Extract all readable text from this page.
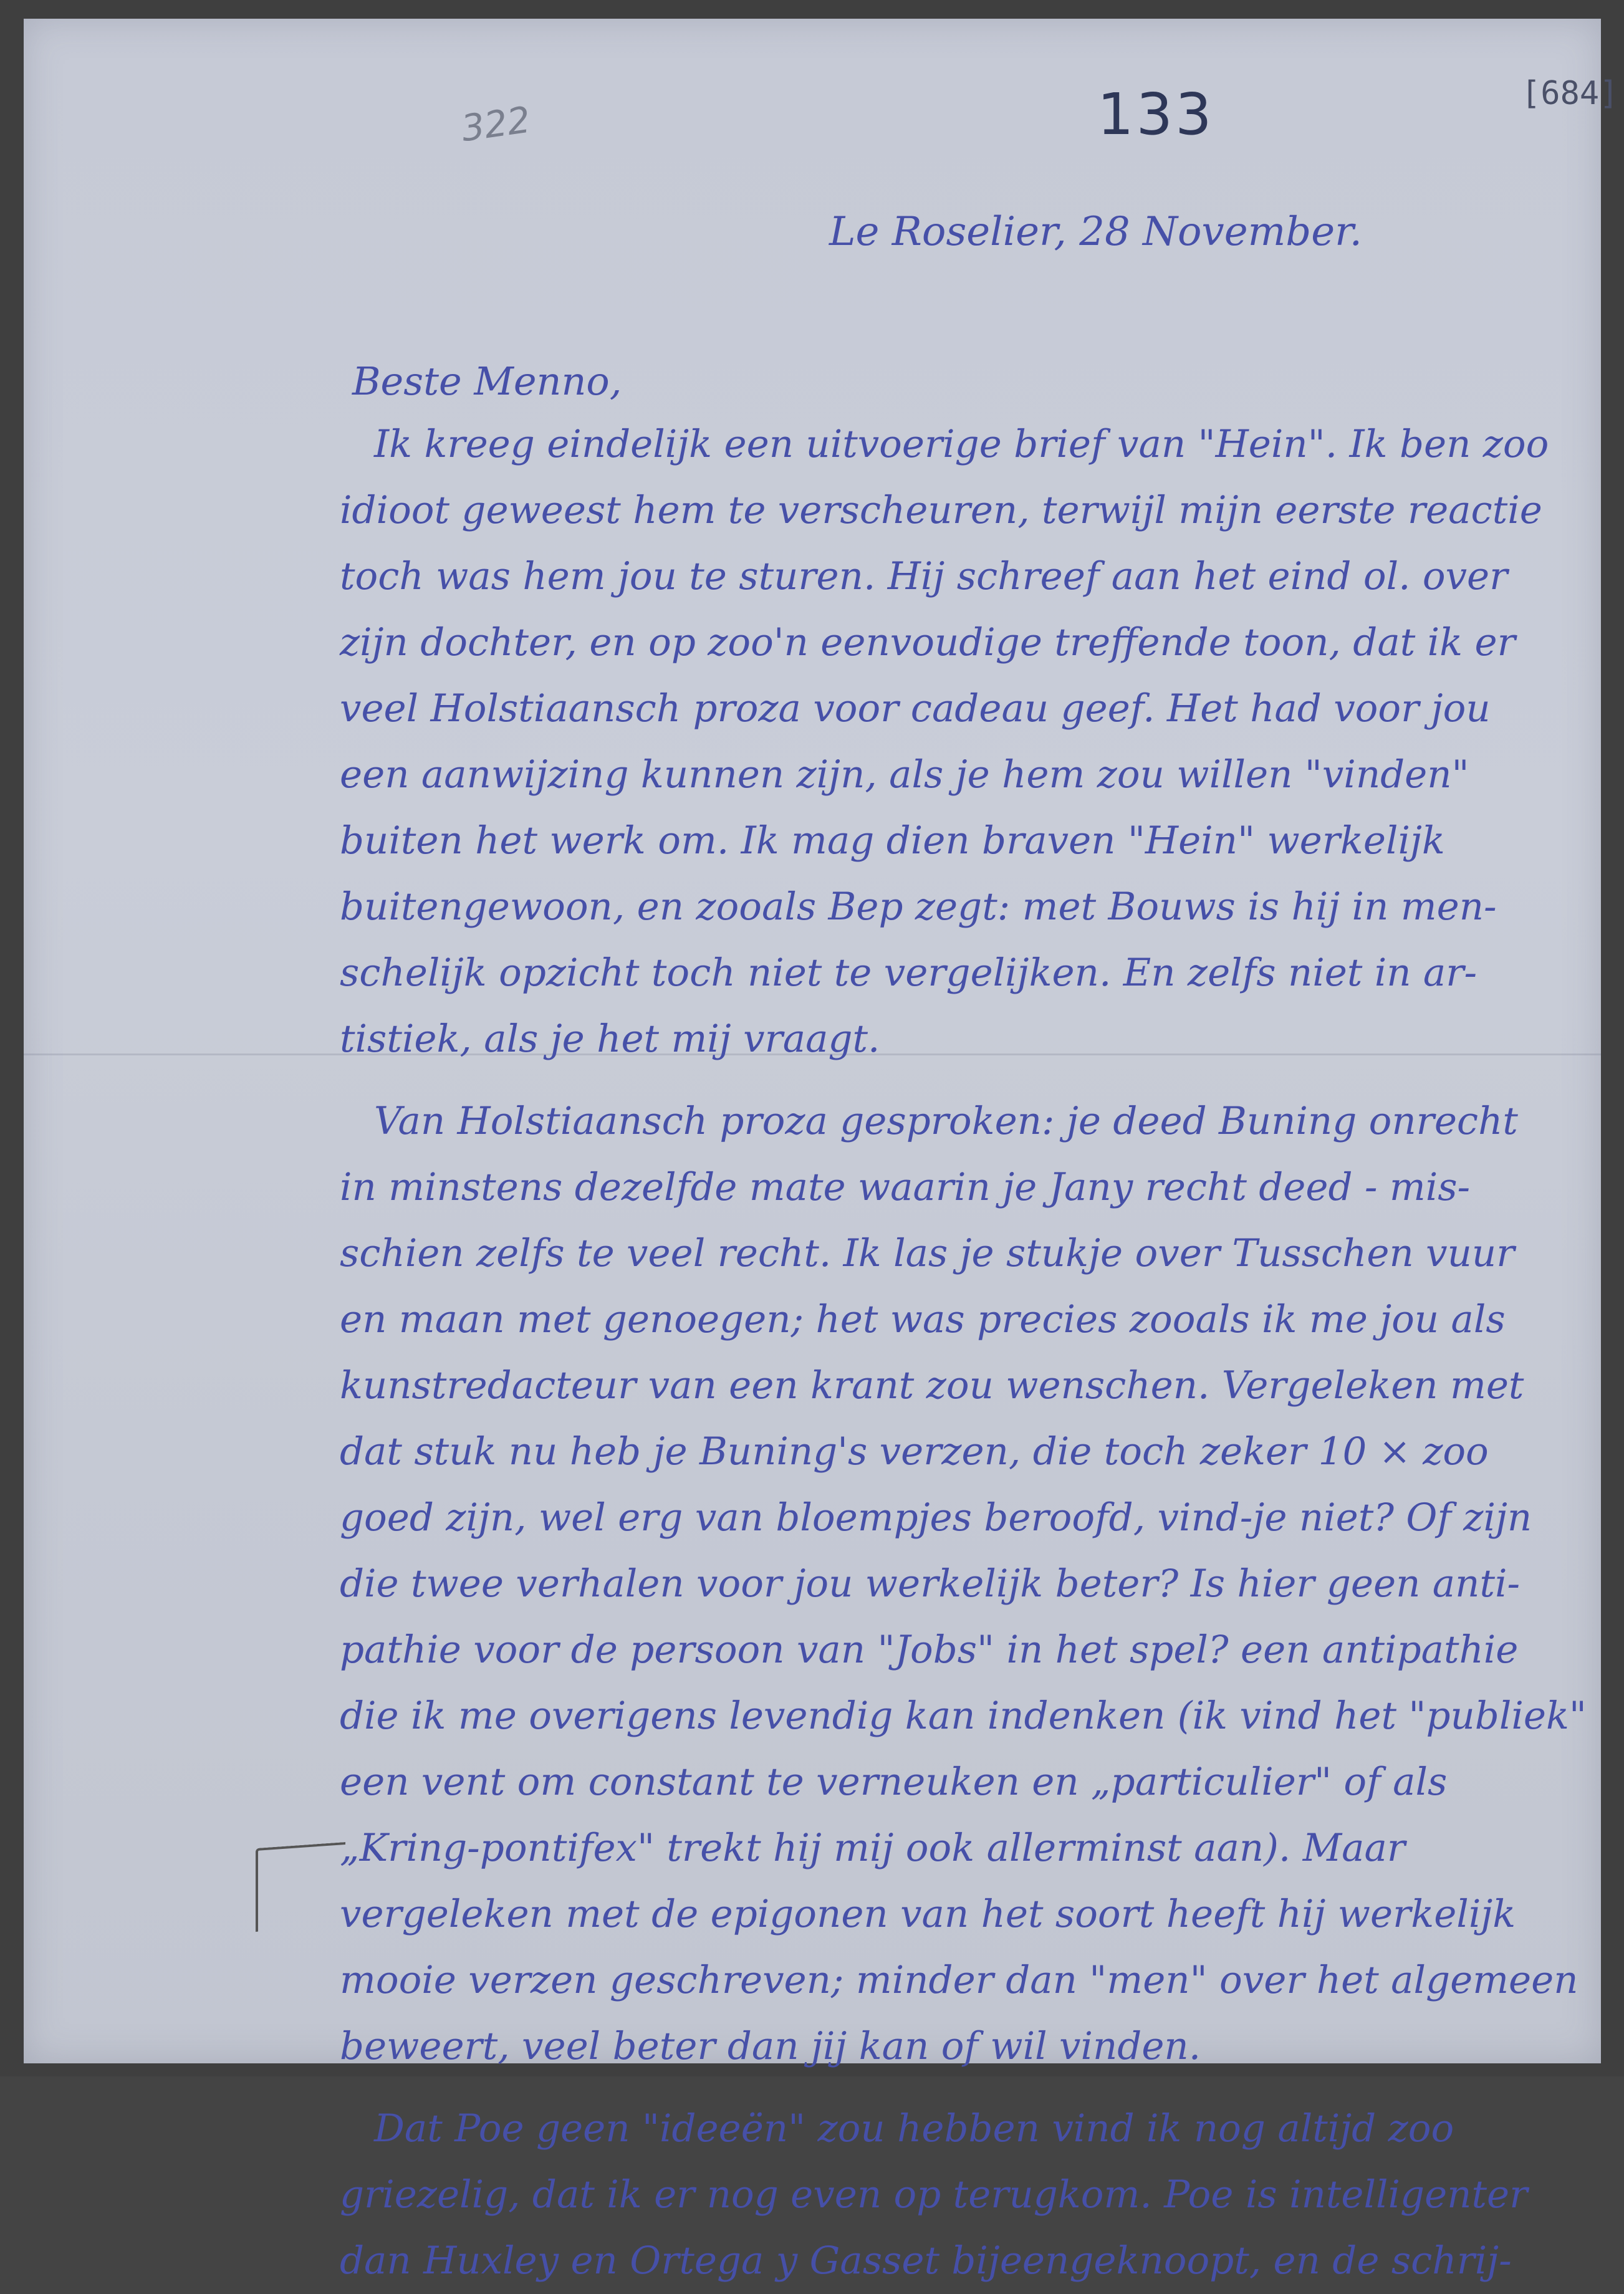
322	133	[684]
Le Roselier, 28 November.
Beste Menno,
Ik kreeg eindelijk een uitvoerige brief van "Hein". Ik ben zoo
idioot geweest hem te verscheuren, terwijl mijn eerste reactie
toch was hem jou te sturen. Hij schreef aan het eind ol. over
zijn dochter, en op zoo'n eenvoudige treffende toon, dat ik er
veel Holstiaansch proza voor cadeau geef. Het had voor jou
een aanwijzing kunnen zijn, als je hem zou willen "vinden"
buiten het werk om. Ik mag dien braven "Hein" werkelijk
buitengewoon, en zooals Bep zegt: met Bouws is hij in men-
schelijk opzicht toch niet te vergelijken. En zelfs niet in ar-
tistiek, als je het mij vraagt.
Van Holstiaansch proza gesproken: je deed Buning onrecht
in minstens dezelfde mate waarin je Jany recht deed - mis-
schien zelfs te veel recht. Ik las je stukje over Tusschen vuur
en maan met genoegen; het was precies zooals ik me jou als
kunstredacteur van een krant zou wenschen. Vergeleken met
dat stuk nu heb je Buning's verzen, die toch zeker 10 × zoo
goed zijn, wel erg van bloempjes beroofd, vind-je niet? Of zijn
die twee verhalen voor jou werkelijk beter? Is hier geen anti-
pathie voor de persoon van "Jobs" in het spel? een antipathie
die ik me overigens levendig kan indenken (ik vind het "publiek"
een vent om constant te verneuken en „particulier" of als
„Kring-pontifex" trekt hij mij ook allerminst aan). Maar
vergeleken met de epigonen van het soort heeft hij werkelijk
mooie verzen geschreven; minder dan "men" over het algemeen
beweert, veel beter dan jij kan of wil vinden.
Dat Poe geen "ideeën" zou hebben vind ik nog altijd zoo
griezelig, dat ik er nog even op terugkom. Poe is intelligenter
dan Huxley en Ortega y Gasset bijeengeknoopt, en de schrij-
